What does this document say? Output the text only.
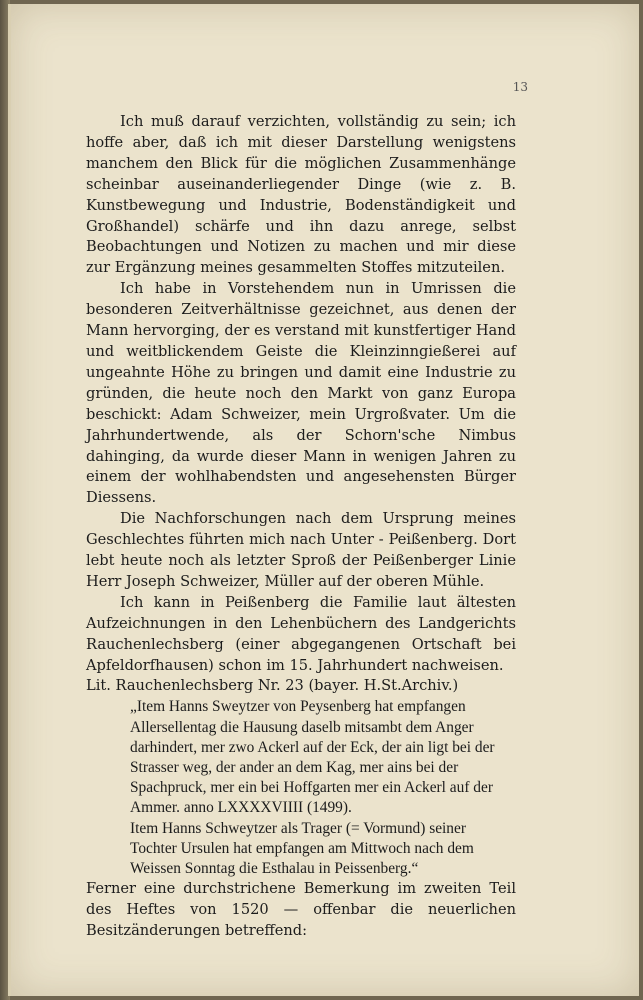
13

Ich muß darauf verzichten, vollständig zu sein; ich hoffe aber, daß ich mit dieser Darstellung wenigstens manchem den Blick für die möglichen Zusammenhänge scheinbar auseinanderliegender Dinge (wie z. B. Kunstbewegung und Industrie, Bodenständigkeit und Großhandel) schärfe und ihn dazu anrege, selbst Beobachtungen und Notizen zu machen und mir diese zur Ergänzung meines gesammelten Stoffes mitzuteilen.

Ich habe in Vorstehendem nun in Umrissen die besonderen Zeitverhältnisse gezeichnet, aus denen der Mann hervorging, der es verstand mit kunstfertiger Hand und weitblickendem Geiste die Kleinzinngießerei auf ungeahnte Höhe zu bringen und damit eine Industrie zu gründen, die heute noch den Markt von ganz Europa beschickt: Adam Schweizer, mein Urgroßvater. Um die Jahrhundertwende, als der Schorn'sche Nimbus dahinging, da wurde dieser Mann in wenigen Jahren zu einem der wohlhabendsten und angesehensten Bürger Diessens.

Die Nachforschungen nach dem Ursprung meines Geschlechtes führten mich nach Unter - Peißenberg. Dort lebt heute noch als letzter Sproß der Peißenberger Linie Herr Joseph Schweizer, Müller auf der oberen Mühle.

Ich kann in Peißenberg die Familie laut ältesten Aufzeichnungen in den Lehenbüchern des Landgerichts Rauchenlechsberg (einer abgegangenen Ortschaft bei Apfeldorfhausen) schon im 15. Jahrhundert nachweisen.

Lit. Rauchenlechsberg Nr. 23 (bayer. H.St.Archiv.)

„Item Hanns Sweytzer von Peysenberg hat empfangen Allersellentag die Hausung daselb mitsambt dem Anger darhindert, mer zwo Ackerl auf der Eck, der ain ligt bei der Strasser weg, der ander an dem Kag, mer ains bei der Spachpruck, mer ein bei Hoffgarten mer ein Ackerl auf der Ammer. anno LXXXXVIIII (1499).

Item Hanns Schweytzer als Trager (= Vormund) seiner Tochter Ursulen hat empfangen am Mittwoch nach dem Weissen Sonntag die Esthalau in Peissenberg.“

Ferner eine durchstrichene Bemerkung im zweiten Teil des Heftes von 1520 — offenbar die neuerlichen Besitzänderungen betreffend:
